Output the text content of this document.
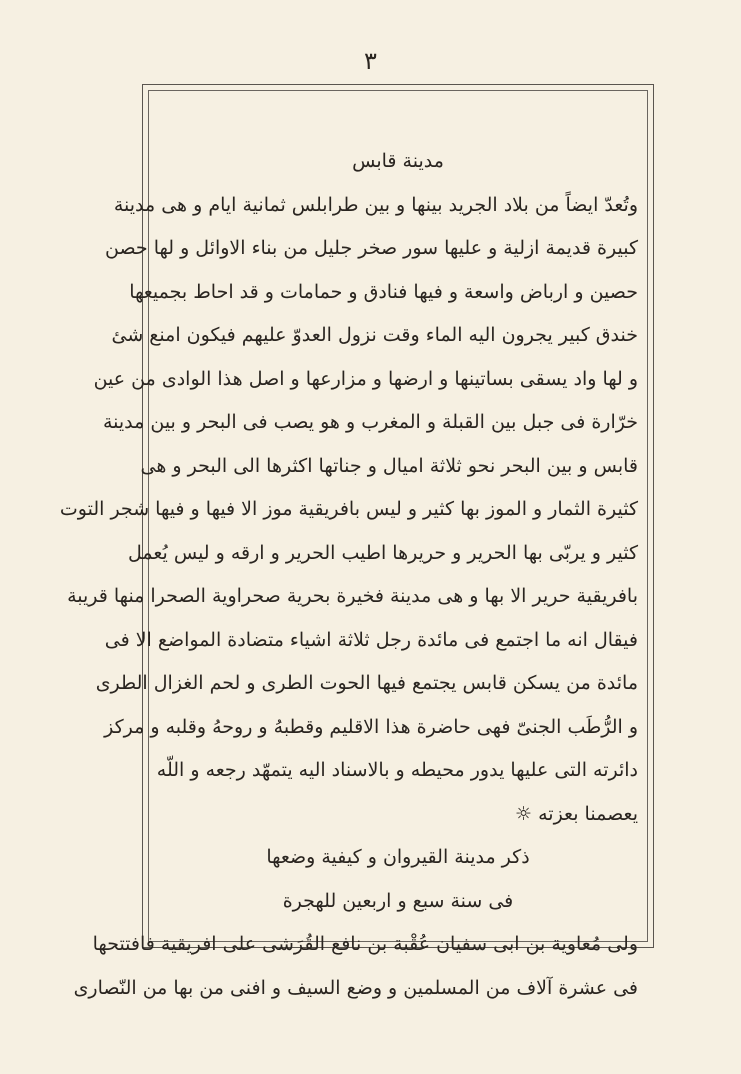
٣
مدينة قابس
وتُعدّ ايضاً من بلاد الجريد بينها و بين طرابلس ثمانية ايام و هى مدينة
كبيرة قديمة ازلية و عليها سور صخر جليل من بناء الاوائل و لها حصن
حصين و ارباض واسعة و فيها فنادق و حمامات و قد احاط بجميعها
خندق كبير يجرون اليه الماء وقت نزول العدوّ عليهم فيكون امنع شئ
و لها واد يسقى بساتينها و ارضها و مزارعها و اصل هذا الوادى من عين
خرّارة فى جبل بين القبلة و المغرب و هو يصب فى البحر و بين مدينة
قابس و بين البحر نحو ثلاثة اميال و جناتها اكثرها الى البحر و هى
كثيرة الثمار و الموز بها كثير و ليس بافريقية موز الا فيها و فيها شجر التوت
كثير و يربّى بها الحرير و حريرها اطيب الحرير و ارقه و ليس يُعمل
بافريقية حرير الا بها و هى مدينة فخيرة بحرية صحراوية الصحرا منها قريبة
فيقال انه ما اجتمع فى مائدة رجل ثلاثة اشياء متضادة المواضع الا فى
مائدة من يسكن قابس يجتمع فيها الحوت الطرى و لحم الغزال الطرى
و الرُّطَب الجنىّ فهى حاضرة هذا الاقليم وقطبهُ و روحهُ وقلبه و مركز
دائرته التى عليها يدور محيطه و بالاسناد اليه يتمهّد رجعه و اللّه
يعصمنا بعزته ☼
ذكر مدينة القيروان و كيفية وضعها
فى سنة سبع و اربعين للهجرة
ولى مُعاوية بن ابى سفيان عُقْبة بن نافع القُرَشى على افريقية فافتتحها
فى عشرة آلاف من المسلمين و وضع السيف و افنى من بها من النّصارى
